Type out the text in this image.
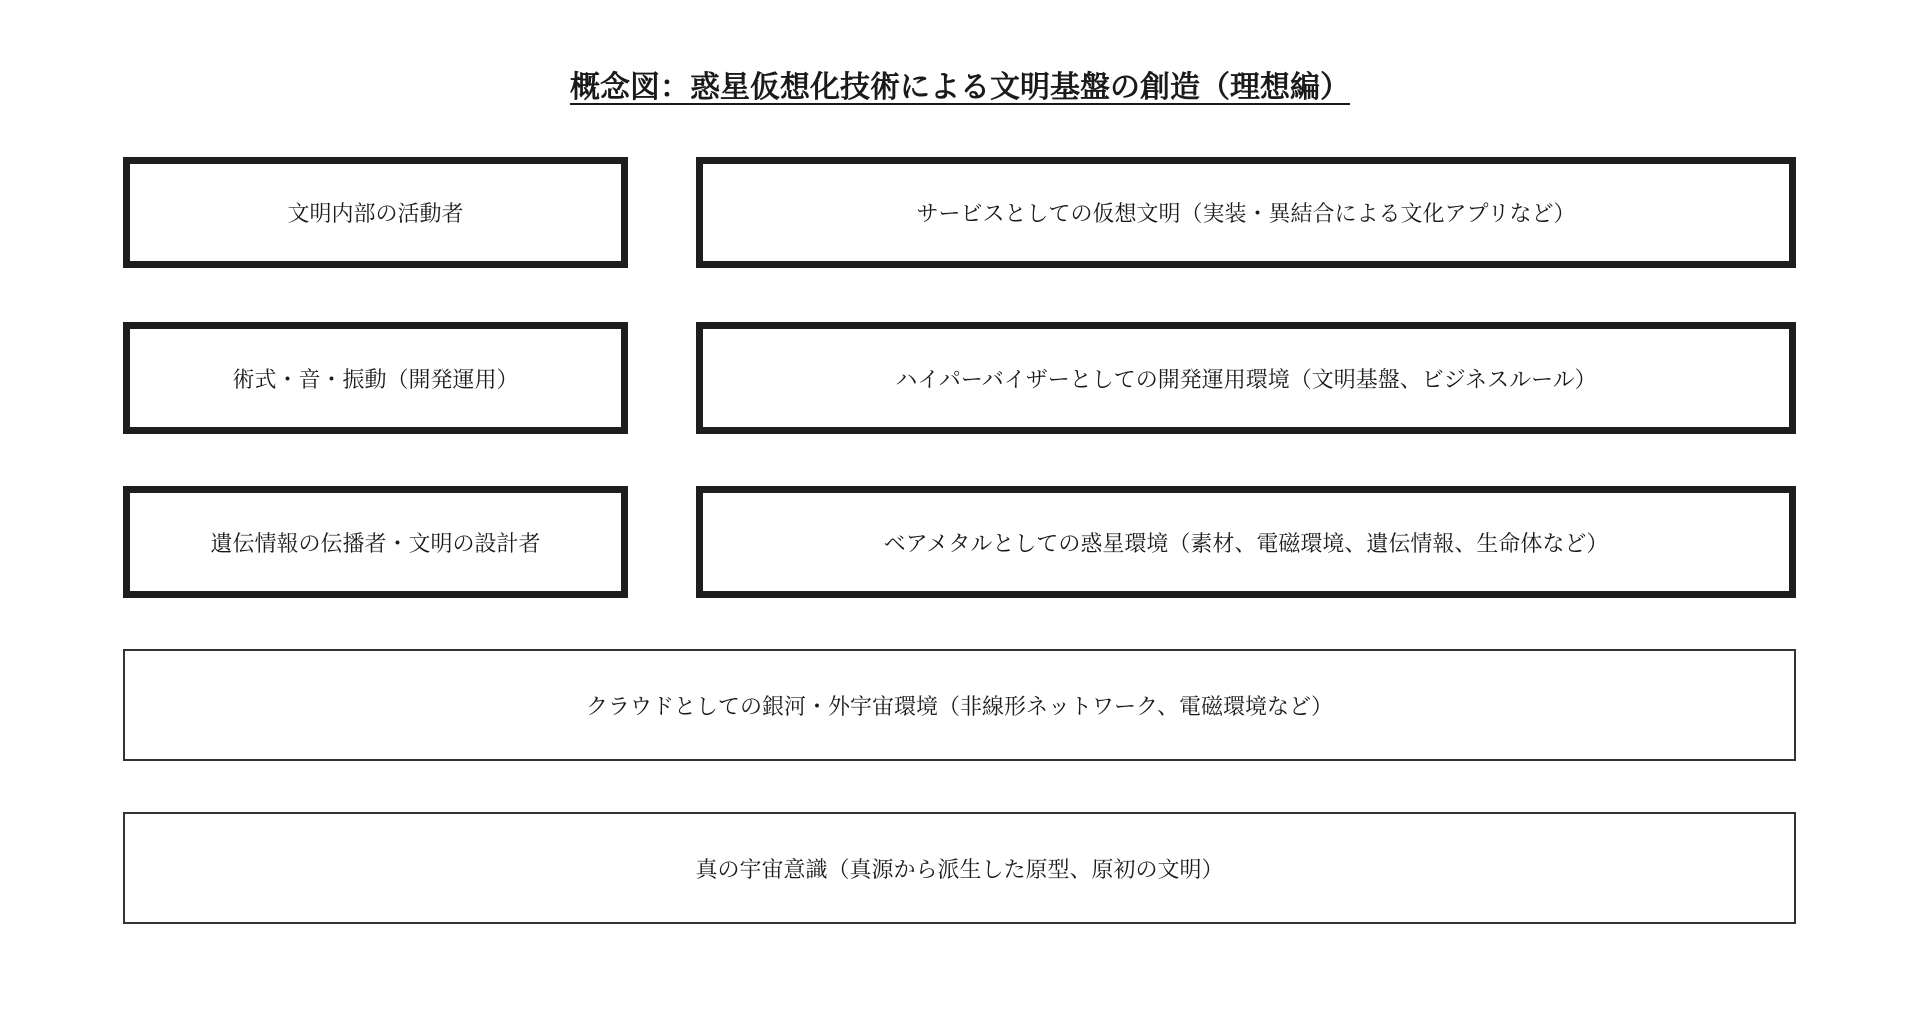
概念図：惑星仮想化技術による文明基盤の創造（理想編）
文明内部の活動者	サービスとしての仮想文明（実装・異結合による文化アプリなど）
術式・音・振動（開発運用）	ハイパーバイザーとしての開発運用環境（文明基盤、ビジネスルール）
遺伝情報の伝播者・文明の設計者	ベアメタルとしての惑星環境（素材、電磁環境、遺伝情報、生命体など）
クラウドとしての銀河・外宇宙環境（非線形ネットワーク、電磁環境など）
真の宇宙意識（真源から派生した原型、原初の文明）
